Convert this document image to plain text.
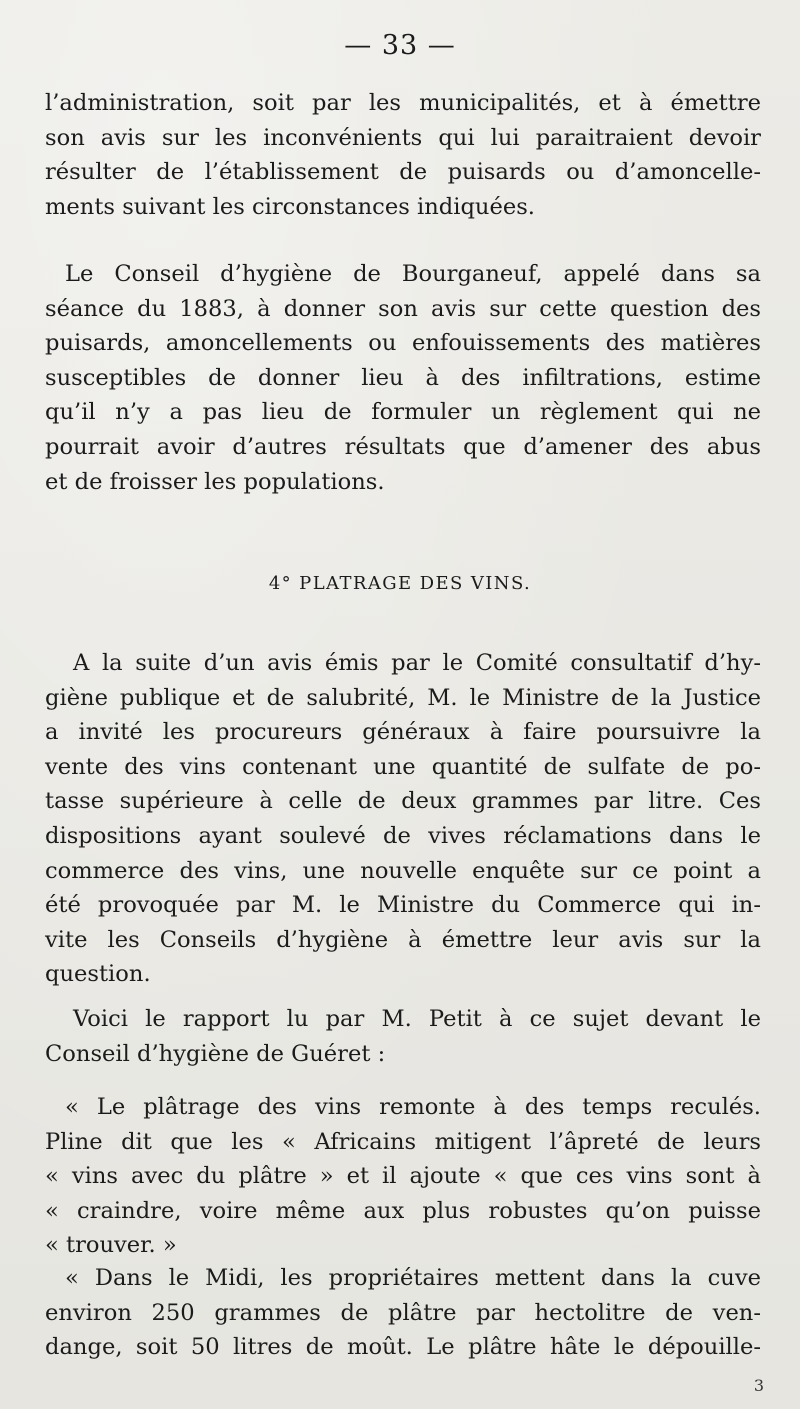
— 33 —
l’administration, soit par les municipalités, et à émettre
son avis sur les inconvénients qui lui paraitraient devoir
résulter de l’établissement de puisards ou d’amoncelle-
ments suivant les circonstances indiquées.
Le Conseil d’hygiène de Bourganeuf, appelé dans sa
séance du 1883, à donner son avis sur cette question des
puisards, amoncellements ou enfouissements des matières
susceptibles de donner lieu à des infiltrations, estime
qu’il n’y a pas lieu de formuler un règlement qui ne
pourrait avoir d’autres résultats que d’amener des abus
et de froisser les populations.
4° PLATRAGE DES VINS.
A la suite d’un avis émis par le Comité consultatif d’hy-
giène publique et de salubrité, M. le Ministre de la Justice
a invité les procureurs généraux à faire poursuivre la
vente des vins contenant une quantité de sulfate de po-
tasse supérieure à celle de deux grammes par litre. Ces
dispositions ayant soulevé de vives réclamations dans le
commerce des vins, une nouvelle enquête sur ce point a
été provoquée par M. le Ministre du Commerce qui in-
vite les Conseils d’hygiène à émettre leur avis sur la
question.
Voici le rapport lu par M. Petit à ce sujet devant le
Conseil d’hygiène de Guéret :
« Le plâtrage des vins remonte à des temps reculés.
Pline dit que les « Africains mitigent l’âpreté de leurs
« vins avec du plâtre » et il ajoute « que ces vins sont à
« craindre, voire même aux plus robustes qu’on puisse
« trouver. »
« Dans le Midi, les propriétaires mettent dans la cuve
environ 250 grammes de plâtre par hectolitre de ven-
dange, soit 50 litres de moût. Le plâtre hâte le dépouille-
3
